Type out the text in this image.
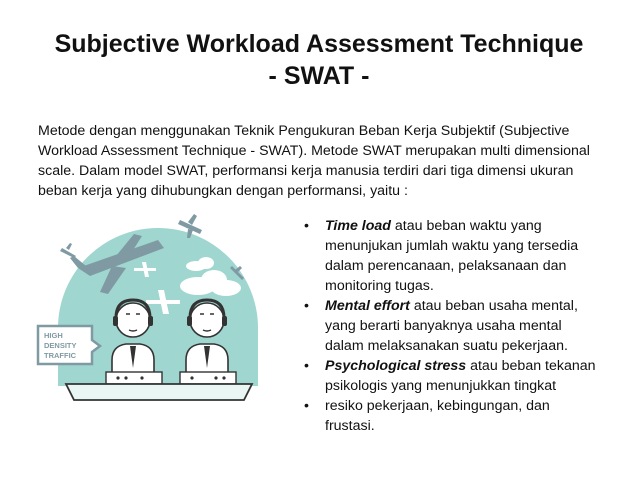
Subjective Workload Assessment Technique
- SWAT -
Metode dengan menggunakan Teknik Pengukuran Beban Kerja Subjektif (Subjective Workload Assessment Technique - SWAT). Metode SWAT merupakan multi dimensional scale. Dalam model SWAT, performansi kerja manusia terdiri dari tiga dimensi ukuran beban kerja yang dihubungkan dengan performansi, yaitu :
HIGH
DENSITY
TRAFFIC
• Time load atau beban waktu yang menunjukan jumlah waktu yang tersedia dalam perencanaan, pelaksanaan dan monitoring tugas.
• Mental effort atau beban usaha mental, yang berarti banyaknya usaha mental dalam melaksanakan suatu pekerjaan.
• Psychological stress atau beban tekanan psikologis yang menunjukkan tingkat
• resiko pekerjaan, kebingungan, dan frustasi.
